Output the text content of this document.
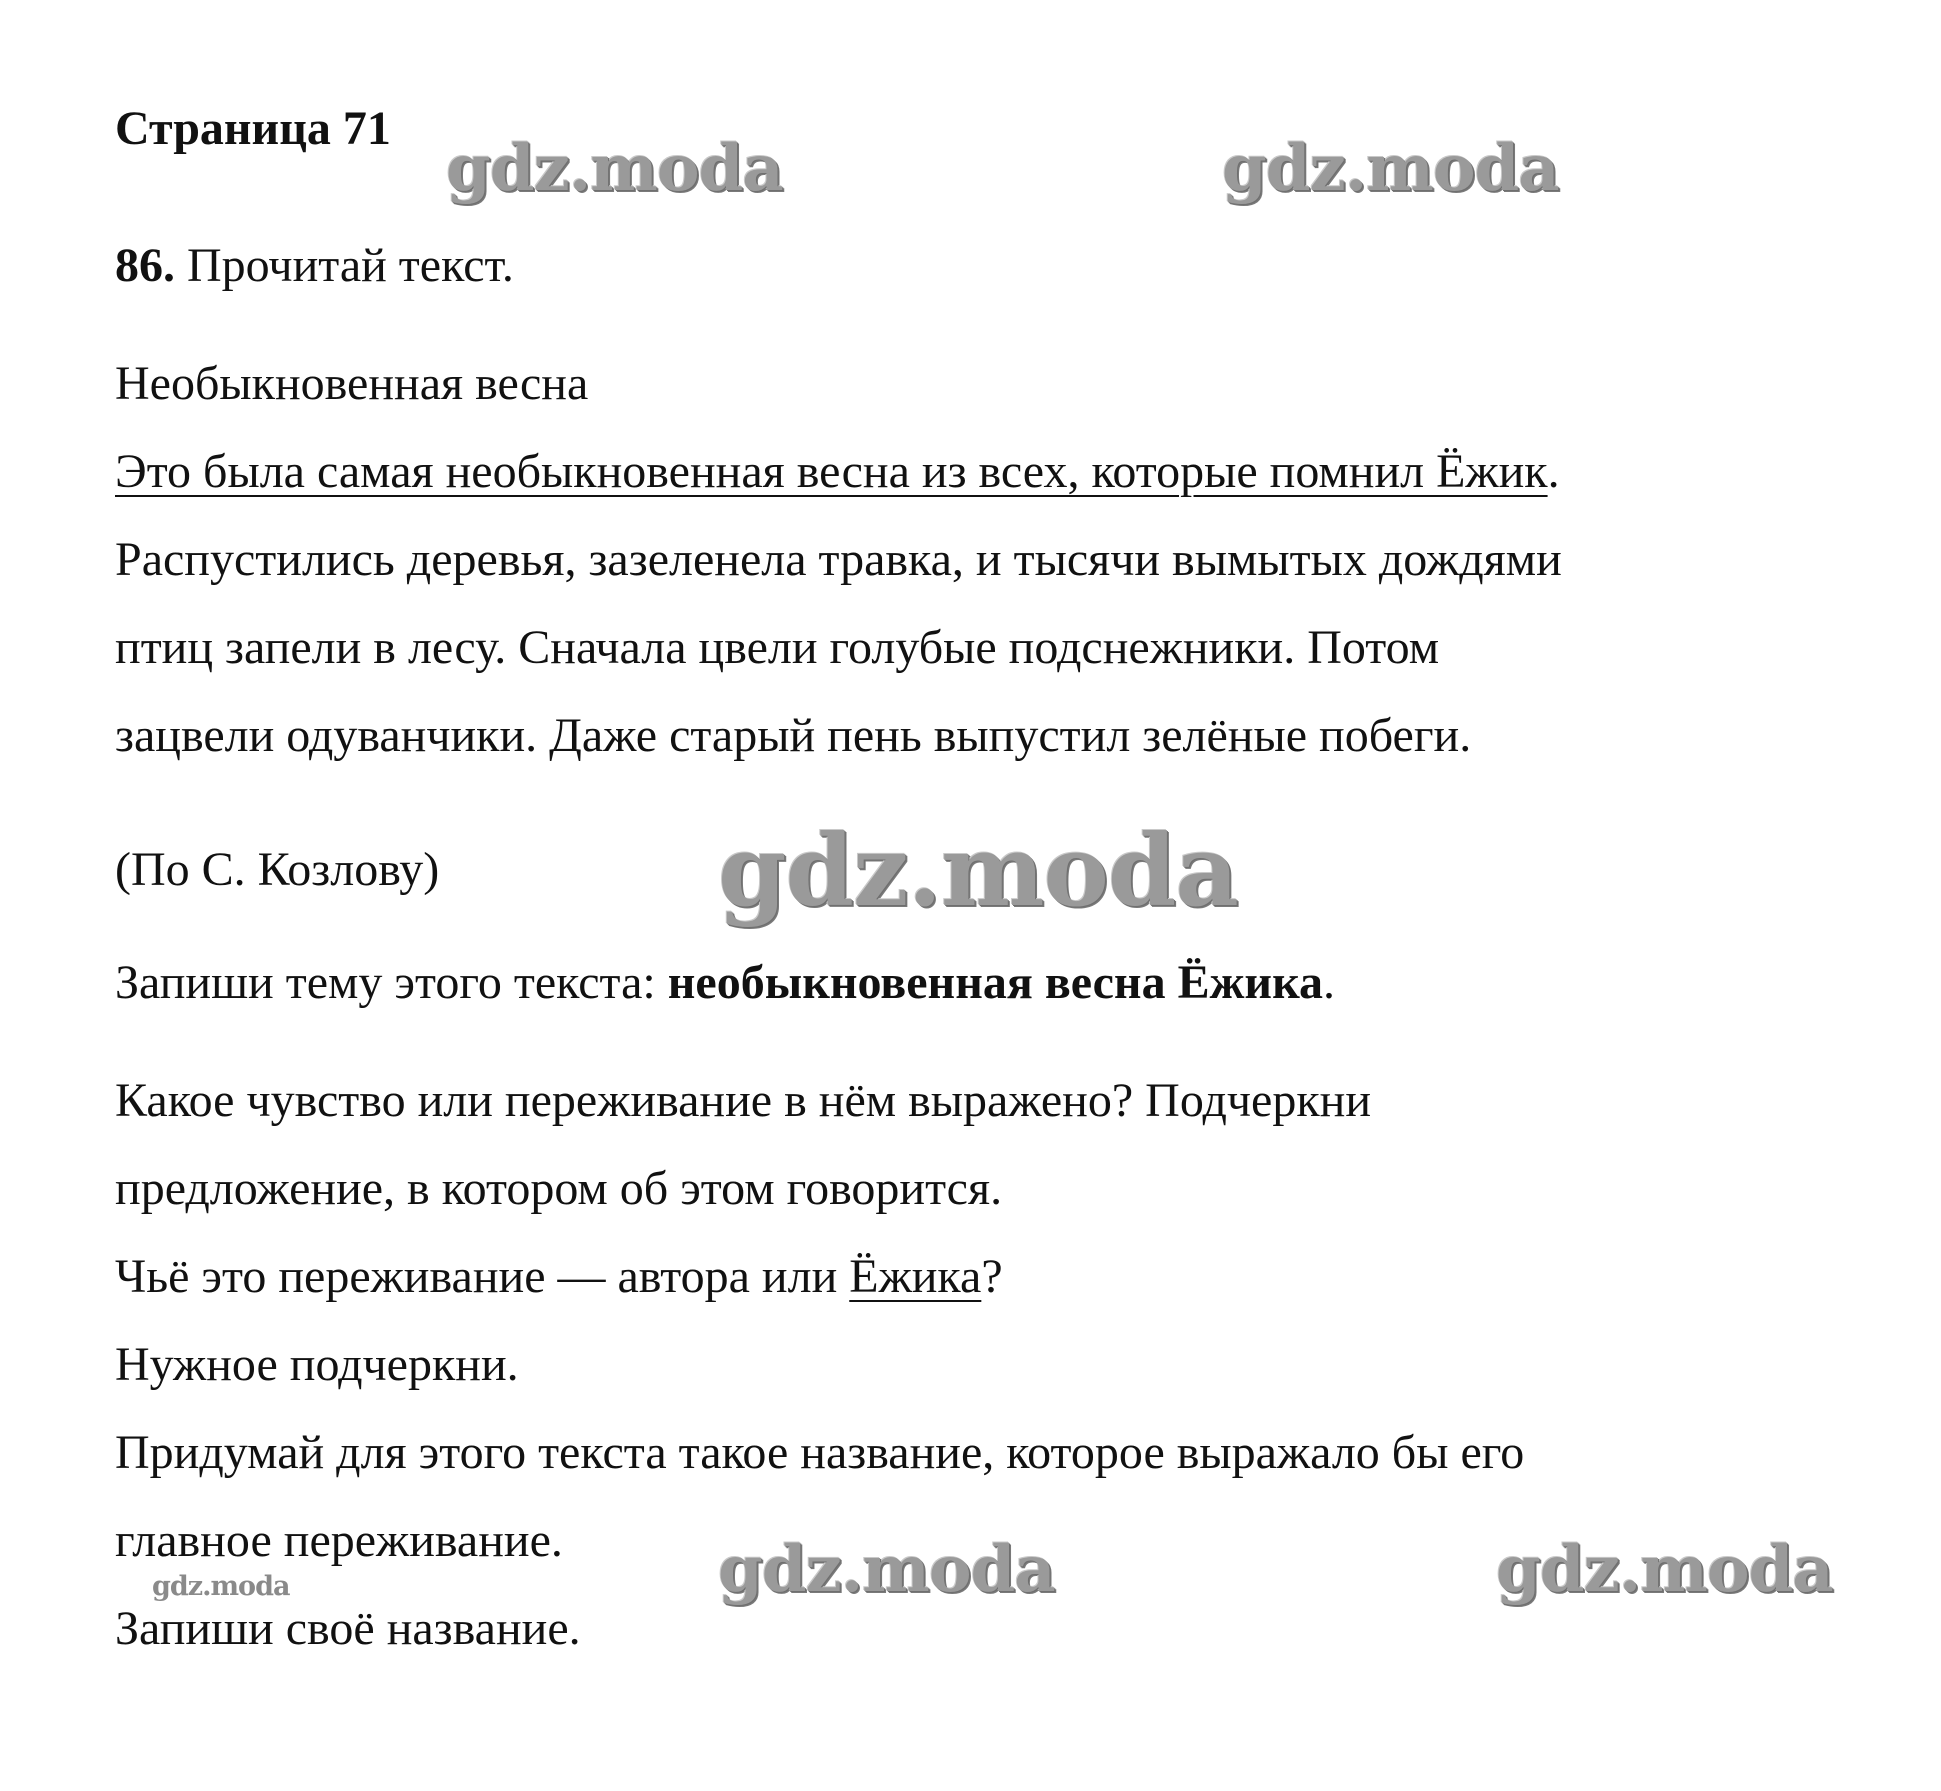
Страница 71
86. Прочитай текст.
Необыкновенная весна
Это была самая необыкновенная весна из всех, которые помнил Ёжик.
Распустились деревья, зазеленела травка, и тысячи вымытых дождями
птиц запели в лесу. Сначала цвели голубые подснежники. Потом
зацвели одуванчики. Даже старый пень выпустил зелёные побеги.
(По С. Козлову)
Запиши тему этого текста: необыкновенная весна Ёжика.
Какое чувство или переживание в нём выражено? Подчеркни
предложение, в котором об этом говорится.
Чьё это переживание — автора или Ёжика?
Нужное подчеркни.
Придумай для этого текста такое название, которое выражало бы его
главное переживание.
Запиши своё название.
gdz.moda	gdz.moda
gdz.moda
gdz.moda	gdz.moda
gdz.moda
